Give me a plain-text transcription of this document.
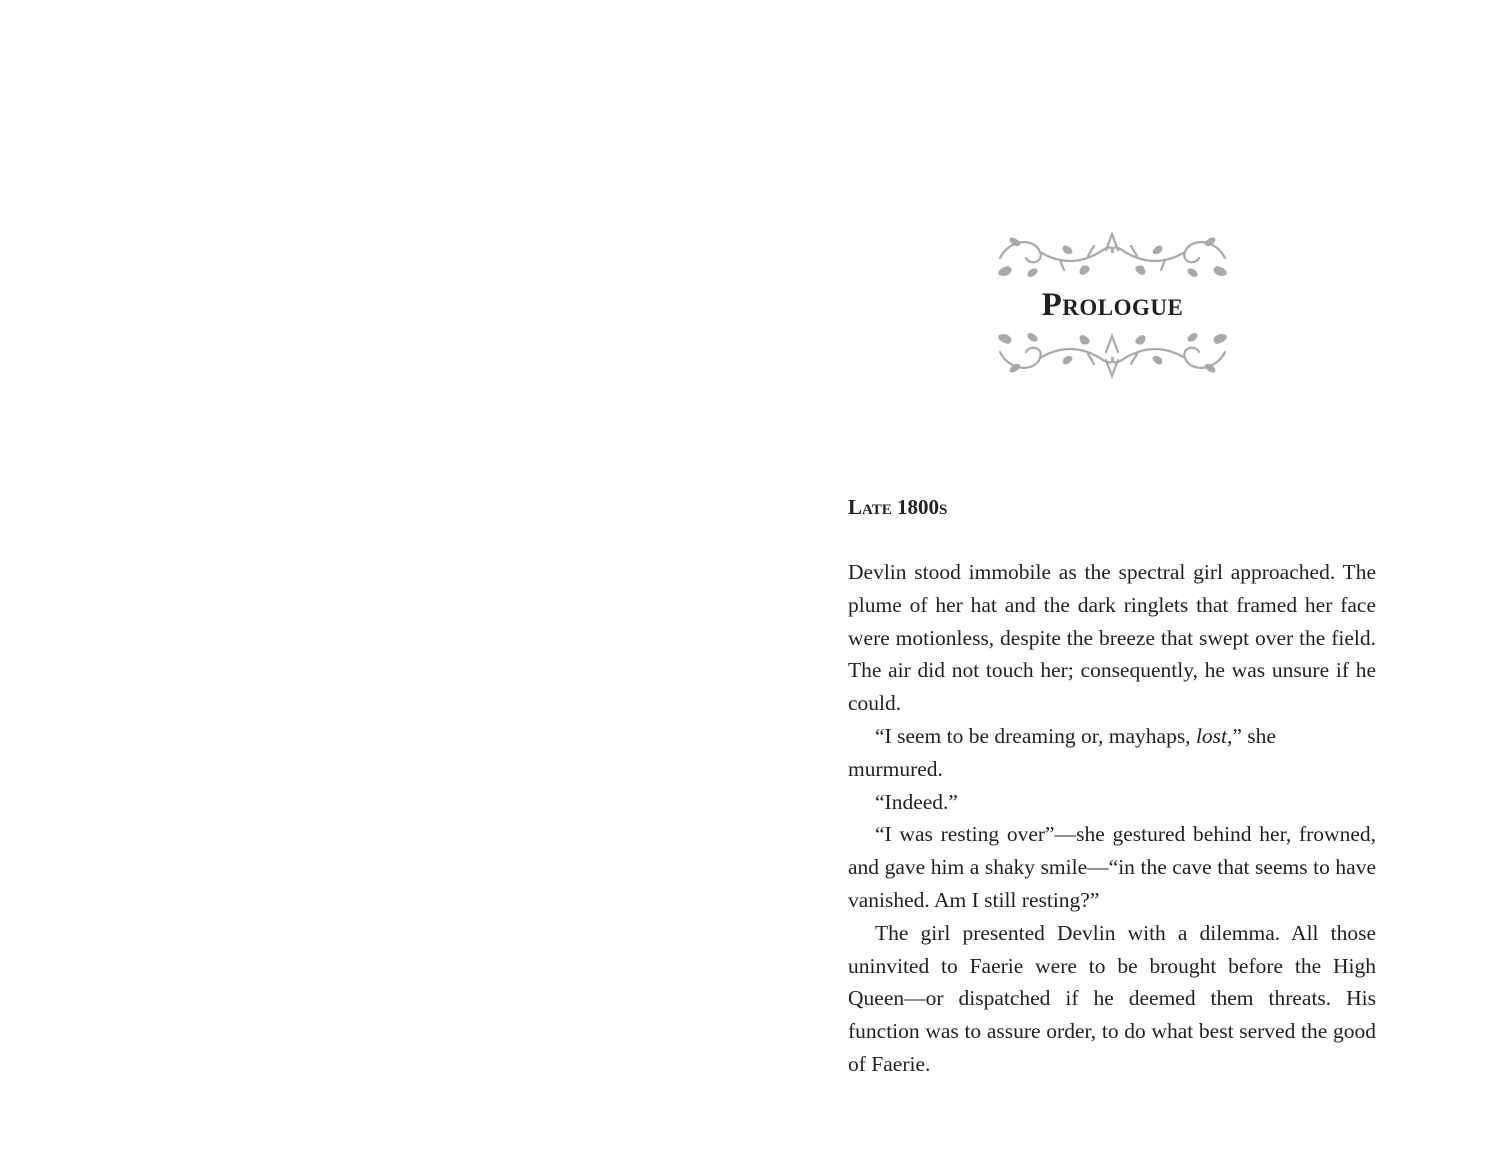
Prologue
Late 1800s

Devlin stood immobile as the spectral girl approached. The plume of her hat and the dark ringlets that framed her face were motionless, despite the breeze that swept over the field. The air did not touch her; consequently, he was unsure if he could.

“I seem to be dreaming or, mayhaps, lost,” she murmured.

“Indeed.”

“I was resting over”—she gestured behind her, frowned, and gave him a shaky smile—“in the cave that seems to have vanished. Am I still resting?”

The girl presented Devlin with a dilemma. All those uninvited to Faerie were to be brought before the High Queen—or dispatched if he deemed them threats. His function was to assure order, to do what best served the good of Faerie.
